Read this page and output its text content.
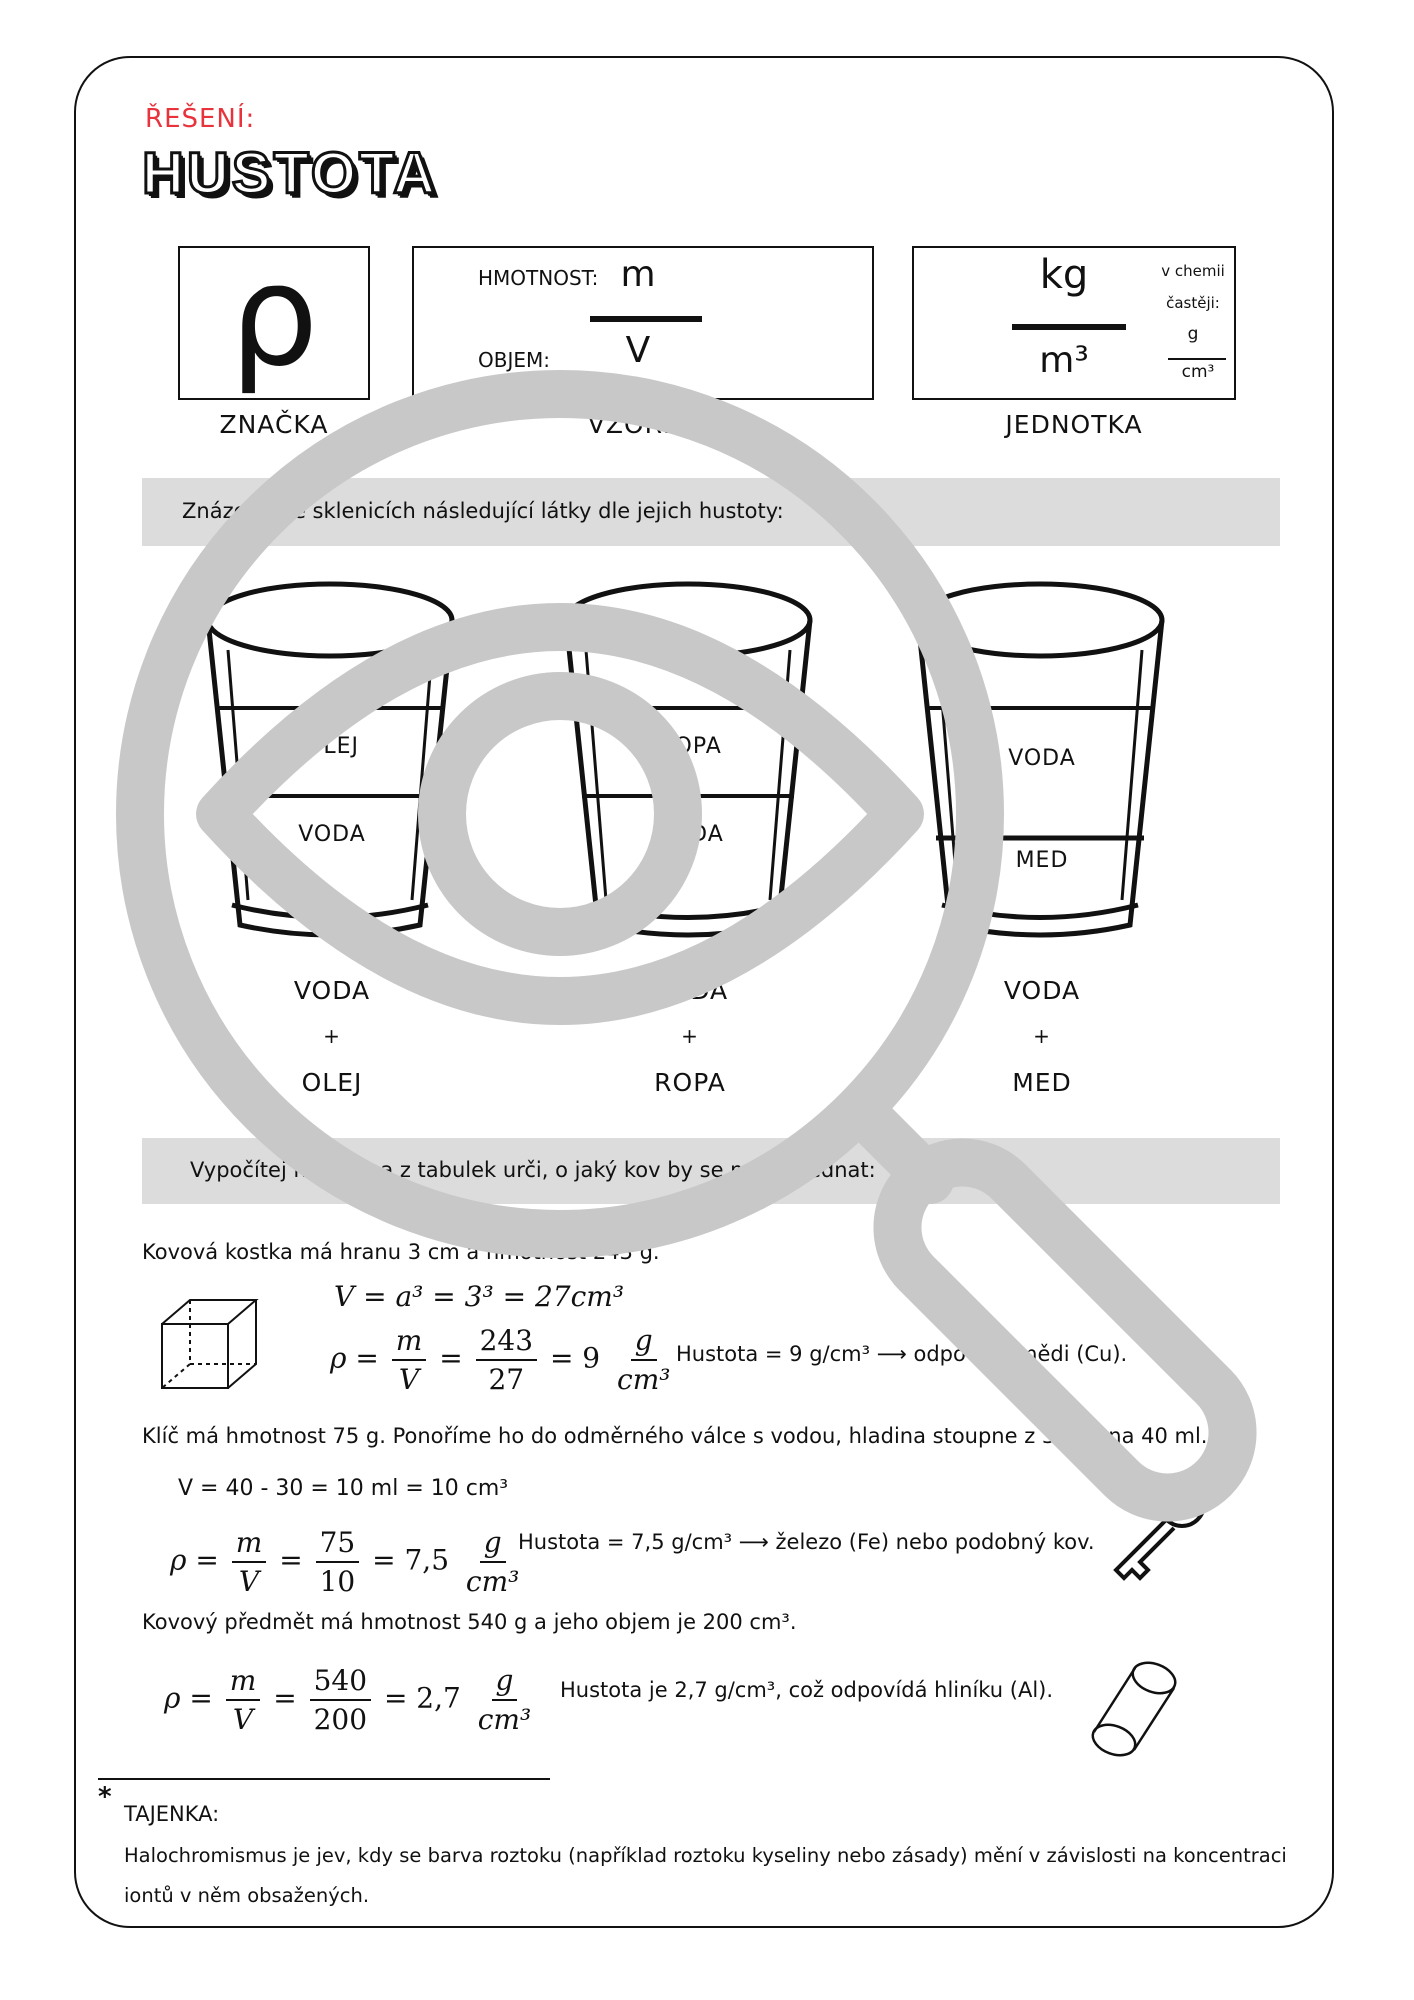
ŘEŠENÍ:
HUSTOTA
ρ
ZNAČKA
HMOTNOST:
OBJEM:
m
V
VZOREC
kg
m³
v chemii
častěji:
g
cm³
JEDNOTKA
Znázorni ve sklenicích následující látky dle jejich hustoty:
OLEJ
VODA
ROPA
VODA
VODA
MED
VODA
+
OLEJ
VODA
+
ROPA
VODA
+
MED
Vypočítej hustotu a z tabulek urči, o jaký kov by se mohlo jednat:
Kovová kostka má hranu 3 cm a hmotnost 243 g.
V = a³ = 3³ = 27cm³
$\rho = \frac{m}{V} = \frac{243}{27} = 9 \frac{g}{\text{cm³}}$ Hustota = 9 g/cm³ ⟶ odpovídá mědi (Cu).
Klíč má hmotnost 75 g. Ponoříme ho do odměrného válce s vodou, hladina stoupne z 30 ml na 40 ml.
V = 40 - 30 = 10 ml = 10 cm³
$\rho = \frac{m}{V} = \frac{75}{10} = 7,5 \frac{g}{\text{cm³}}$
Hustota = 7,5 g/cm³ ⟶ železo (Fe) nebo podobný kov.
Kovový předmět má hmotnost 540 g a jeho objem je 200 cm³.
$\rho = \frac{m}{V} = \frac{540}{200} = 2,7 \frac{g}{\text{cm³}}$ Hustota je 2,7 g/cm³, což odpovídá hliníku (Al).
*
TAJENKA:
Halochromismus je jev, kdy se barva roztoku (například roztoku kyseliny nebo zásady) mění v závislosti na koncentraci
iontů v něm obsažených.
